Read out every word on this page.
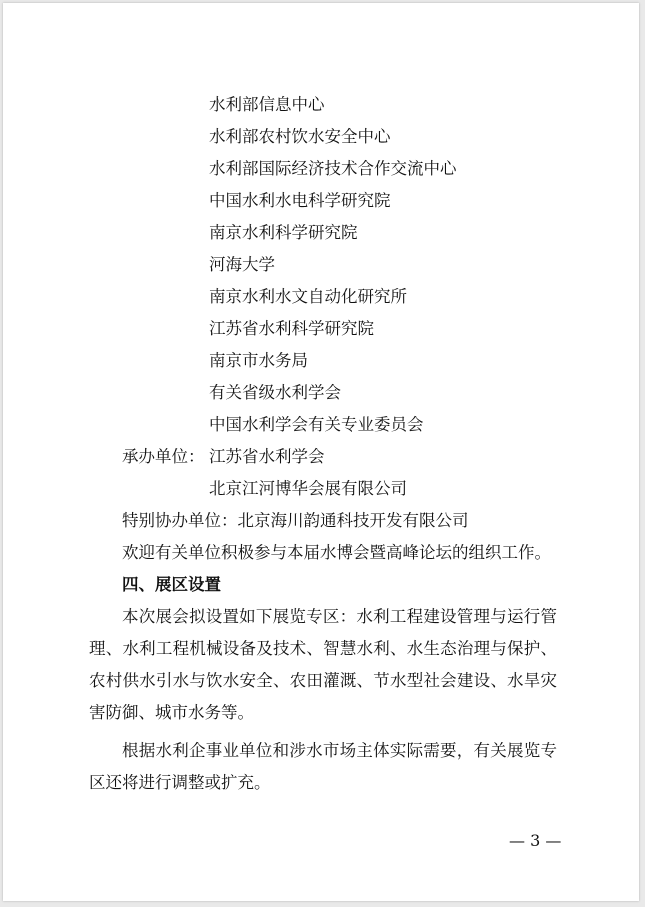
水利部信息中心
水利部农村饮水安全中心
水利部国际经济技术合作交流中心
中国水利水电科学研究院
南京水利科学研究院
河海大学
南京水利水文自动化研究所
江苏省水利科学研究院
南京市水务局
有关省级水利学会
中国水利学会有关专业委员会
承办单位： 江苏省水利学会
北京江河博华会展有限公司
特别协办单位：北京海川韵通科技开发有限公司
欢迎有关单位积极参与本届水博会暨高峰论坛的组织工作。
四、展区设置
本次展会拟设置如下展览专区：水利工程建设管理与运行管
理、水利工程机械设备及技术、智慧水利、水生态治理与保护、
农村供水引水与饮水安全、农田灌溉、节水型社会建设、水旱灾
害防御、城市水务等。
根据水利企事业单位和涉水市场主体实际需要，有关展览专
区还将进行调整或扩充。
— 3 —
